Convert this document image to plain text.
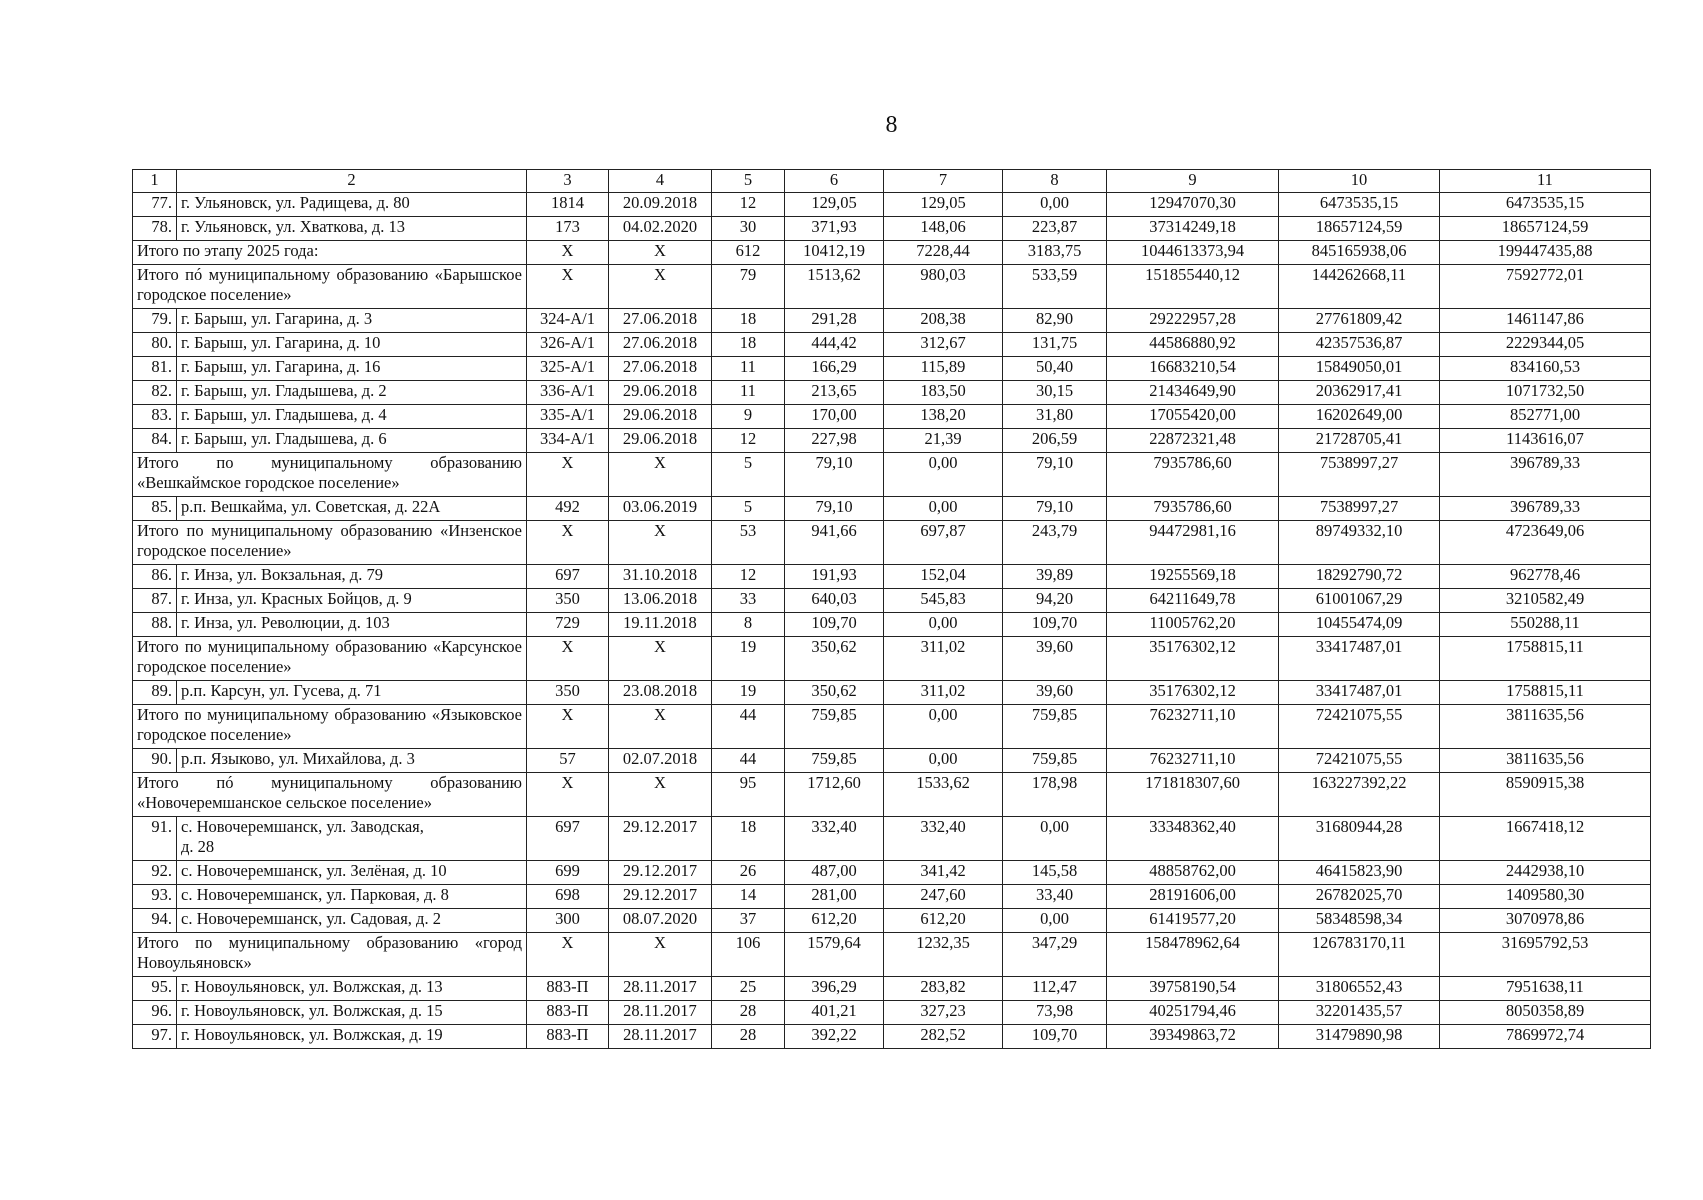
8
1	2	3	4	5	6	7	8	9	10	11
77.	г. Ульяновск, ул. Радищева, д. 80	1814	20.09.2018	12	129,05	129,05	0,00	12947070,30	6473535,15	6473535,15
78.	г. Ульяновск, ул. Хваткова, д. 13	173	04.02.2020	30	371,93	148,06	223,87	37314249,18	18657124,59	18657124,59
Итого по этапу 2025 года:		X	X	612	10412,19	7228,44	3183,75	1044613373,94	845165938,06	199447435,88
Итого пó муниципальному образованию «Барышское городское поселение»		X	X	79	1513,62	980,03	533,59	151855440,12	144262668,11	7592772,01
79.	г. Барыш, ул. Гагарина, д. 3	324-А/1	27.06.2018	18	291,28	208,38	82,90	29222957,28	27761809,42	1461147,86
80.	г. Барыш, ул. Гагарина, д. 10	326-А/1	27.06.2018	18	444,42	312,67	131,75	44586880,92	42357536,87	2229344,05
81.	г. Барыш, ул. Гагарина, д. 16	325-А/1	27.06.2018	11	166,29	115,89	50,40	16683210,54	15849050,01	834160,53
82.	г. Барыш, ул. Гладышева, д. 2	336-А/1	29.06.2018	11	213,65	183,50	30,15	21434649,90	20362917,41	1071732,50
83.	г. Барыш, ул. Гладышева, д. 4	335-А/1	29.06.2018	9	170,00	138,20	31,80	17055420,00	16202649,00	852771,00
84.	г. Барыш, ул. Гладышева, д. 6	334-А/1	29.06.2018	12	227,98	21,39	206,59	22872321,48	21728705,41	1143616,07
Итого по муниципальному образованию «Вешкаймское городское поселение»		X	X	5	79,10	0,00	79,10	7935786,60	7538997,27	396789,33
85.	р.п. Вешкайма, ул. Советская, д. 22А	492	03.06.2019	5	79,10	0,00	79,10	7935786,60	7538997,27	396789,33
Итого по муниципальному образованию «Инзенское городское поселение»		X	X	53	941,66	697,87	243,79	94472981,16	89749332,10	4723649,06
86.	г. Инза, ул. Вокзальная, д. 79	697	31.10.2018	12	191,93	152,04	39,89	19255569,18	18292790,72	962778,46
87.	г. Инза, ул. Красных Бойцов, д. 9	350	13.06.2018	33	640,03	545,83	94,20	64211649,78	61001067,29	3210582,49
88.	г. Инза, ул. Революции, д. 103	729	19.11.2018	8	109,70	0,00	109,70	11005762,20	10455474,09	550288,11
Итого по муниципальному образованию «Карсунское городское поселение»		X	X	19	350,62	311,02	39,60	35176302,12	33417487,01	1758815,11
89.	р.п. Карсун, ул. Гусева, д. 71	350	23.08.2018	19	350,62	311,02	39,60	35176302,12	33417487,01	1758815,11
Итого по муниципальному образованию «Языковское городское поселение»		X	X	44	759,85	0,00	759,85	76232711,10	72421075,55	3811635,56
90.	р.п. Языково, ул. Михайлова, д. 3	57	02.07.2018	44	759,85	0,00	759,85	76232711,10	72421075,55	3811635,56
Итого пó муниципальному образованию «Новочеремшанское сельское поселение»		X	X	95	1712,60	1533,62	178,98	171818307,60	163227392,22	8590915,38
91.	с. Новочеремшанск, ул. Заводская,
д. 28	697	29.12.2017	18	332,40	332,40	0,00	33348362,40	31680944,28	1667418,12
92.	с. Новочеремшанск, ул. Зелёная, д. 10	699	29.12.2017	26	487,00	341,42	145,58	48858762,00	46415823,90	2442938,10
93.	с. Новочеремшанск, ул. Парковая, д. 8	698	29.12.2017	14	281,00	247,60	33,40	28191606,00	26782025,70	1409580,30
94.	с. Новочеремшанск, ул. Садовая, д. 2	300	08.07.2020	37	612,20	612,20	0,00	61419577,20	58348598,34	3070978,86
Итого по муниципальному образованию «город Новоульяновск»		X	X	106	1579,64	1232,35	347,29	158478962,64	126783170,11	31695792,53
95.	г. Новоульяновск, ул. Волжская, д. 13	883-П	28.11.2017	25	396,29	283,82	112,47	39758190,54	31806552,43	7951638,11
96.	г. Новоульяновск, ул. Волжская, д. 15	883-П	28.11.2017	28	401,21	327,23	73,98	40251794,46	32201435,57	8050358,89
97.	г. Новоульяновск, ул. Волжская, д. 19	883-П	28.11.2017	28	392,22	282,52	109,70	39349863,72	31479890,98	7869972,74
